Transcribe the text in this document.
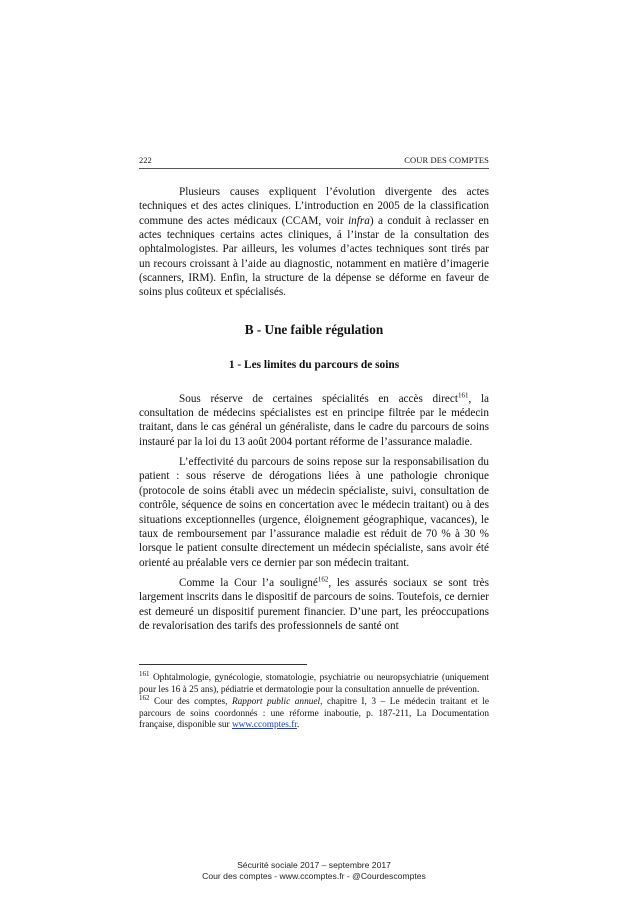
222	COUR DES COMPTES

Plusieurs causes expliquent l’évolution divergente des actes techniques et des actes cliniques. L’introduction en 2005 de la classification commune des actes médicaux (CCAM, voir infra) a conduit à reclasser en actes techniques certains actes cliniques, á l’instar de la consultation des ophtalmologistes. Par ailleurs, les volumes d’actes techniques sont tirés par un recours croissant à l’aide au diagnostic, notamment en matière d’imagerie (scanners, IRM). Enfin, la structure de la dépense se déforme en faveur de soins plus coûteux et spécialisés.

B - Une faible régulation
1 - Les limites du parcours de soins

Sous réserve de certaines spécialités en accès direct$^{161}$, la consultation de médecins spécialistes est en principe filtrée par le médecin traitant, dans le cas général un généraliste, dans le cadre du parcours de soins instauré par la loi du 13 août 2004 portant réforme de l’assurance maladie.

L’effectivité du parcours de soins repose sur la responsabilisation du patient : sous réserve de dérogations liées à une pathologie chronique (protocole de soins établi avec un médecin spécialiste, suivi, consultation de contrôle, séquence de soins en concertation avec le médecin traitant) ou à des situations exceptionnelles (urgence, éloignement géographique, vacances), le taux de remboursement par l’assurance maladie est réduit de 70 % à 30 % lorsque le patient consulte directement un médecin spécialiste, sans avoir été orienté au préalable vers ce dernier par son médecin traitant.

Comme la Cour l’a souligné$^{162}$, les assurés sociaux se sont très largement inscrits dans le dispositif de parcours de soins. Toutefois, ce dernier est demeuré un dispositif purement financier. D’une part, les préoccupations de revalorisation des tarifs des professionnels de santé ont

$^{161}$ Ophtalmologie, gynécologie, stomatologie, psychiatrie ou neuropsychiatrie (uniquement pour les 16 à 25 ans), pédiatrie et dermatologie pour la consultation annuelle de prévention.

$^{162}$ Cour des comptes, Rapport public annuel, chapitre I, 3 – Le médecin traitant et le parcours de soins coordonnés : une réforme inaboutie, p. 187-211, La Documentation française, disponible sur www.ccomptes.fr.

Sécurité sociale 2017 – septembre 2017
Cour des comptes - www.ccomptes.fr - @Courdescomptes
